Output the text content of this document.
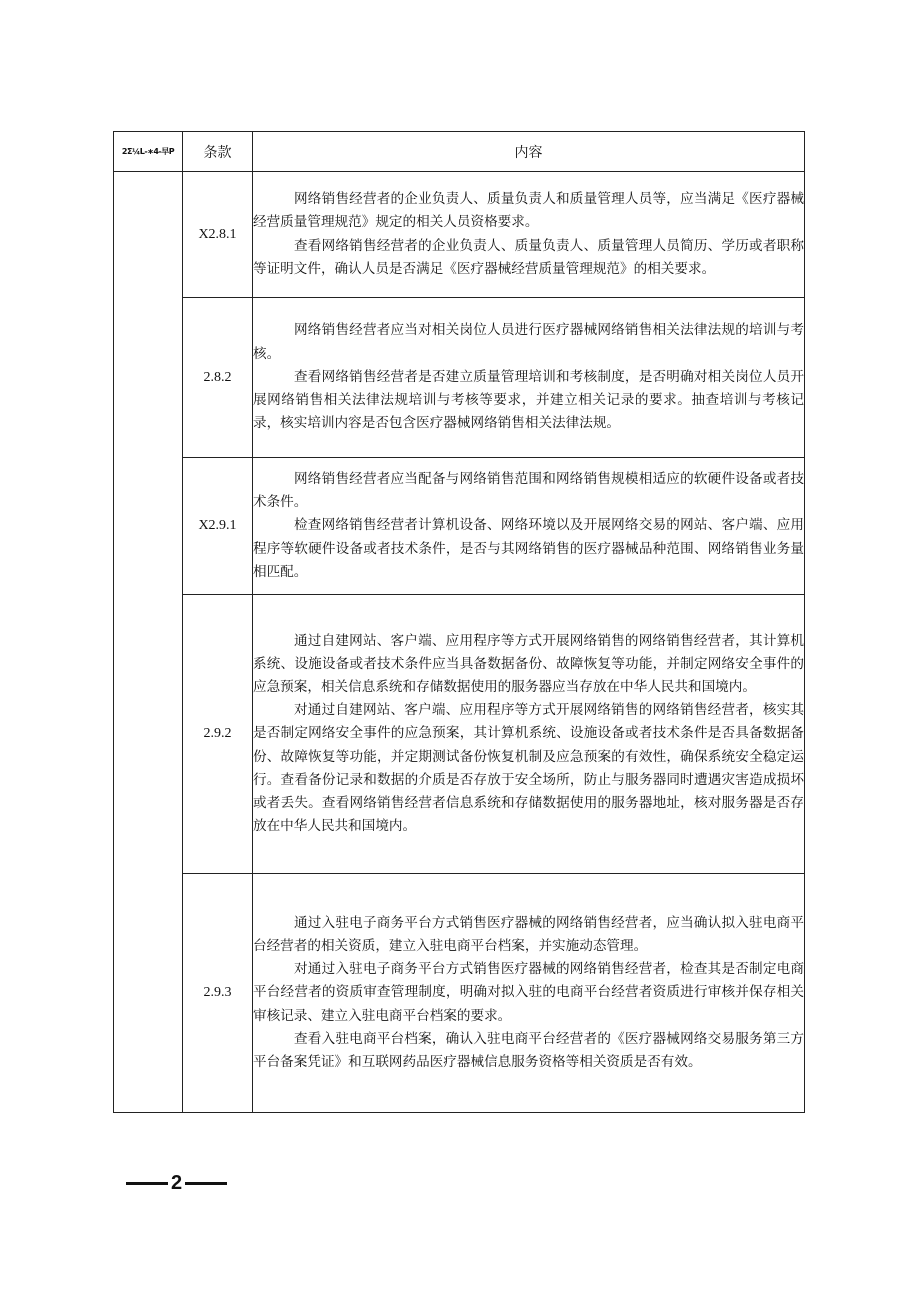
2Σ¼L-∗4-早P	条款	内容
	X2.8.1	网络销售经营者的企业负责人、质量负责人和质量管理人员等，应当满足《医疗器械经营质量管理规范》规定的相关人员资格要求。

查看网络销售经营者的企业负责人、质量负责人、质量管理人员简历、学历或者职称等证明文件，确认人员是否满足《医疗器械经营质量管理规范》的相关要求。

	2.8.2	网络销售经营者应当对相关岗位人员进行医疗器械网络销售相关法律法规的培训与考核。

查看网络销售经营者是否建立质量管理培训和考核制度，是否明确对相关岗位人员开展网络销售相关法律法规培训与考核等要求，并建立相关记录的要求。抽查培训与考核记录，核实培训内容是否包含医疗器械网络销售相关法律法规。

	X2.9.1	网络销售经营者应当配备与网络销售范围和网络销售规模相适应的软硬件设备或者技术条件。

检查网络销售经营者计算机设备、网络环境以及开展网络交易的网站、客户端、应用程序等软硬件设备或者技术条件，是否与其网络销售的医疗器械品种范围、网络销售业务量相匹配。

	2.9.2	通过自建网站、客户端、应用程序等方式开展网络销售的网络销售经营者，其计算机系统、设施设备或者技术条件应当具备数据备份、故障恢复等功能，并制定网络安全事件的应急预案，相关信息系统和存储数据使用的服务器应当存放在中华人民共和国境内。

对通过自建网站、客户端、应用程序等方式开展网络销售的网络销售经营者，核实其是否制定网络安全事件的应急预案，其计算机系统、设施设备或者技术条件是否具备数据备份、故障恢复等功能，并定期测试备份恢复机制及应急预案的有效性，确保系统安全稳定运行。查看备份记录和数据的介质是否存放于安全场所，防止与服务器同时遭遇灾害造成损坏或者丢失。查看网络销售经营者信息系统和存储数据使用的服务器地址，核对服务器是否存放在中华人民共和国境内。

	2.9.3	通过入驻电子商务平台方式销售医疗器械的网络销售经营者，应当确认拟入驻电商平台经营者的相关资质，建立入驻电商平台档案，并实施动态管理。

对通过入驻电子商务平台方式销售医疗器械的网络销售经营者，检查其是否制定电商平台经营者的资质审查管理制度，明确对拟入驻的电商平台经营者资质进行审核并保存相关审核记录、建立入驻电商平台档案的要求。

查看入驻电商平台档案，确认入驻电商平台经营者的《医疗器械网络交易服务第三方平台备案凭证》和互联网药品医疗器械信息服务资格等相关资质是否有效。

2
